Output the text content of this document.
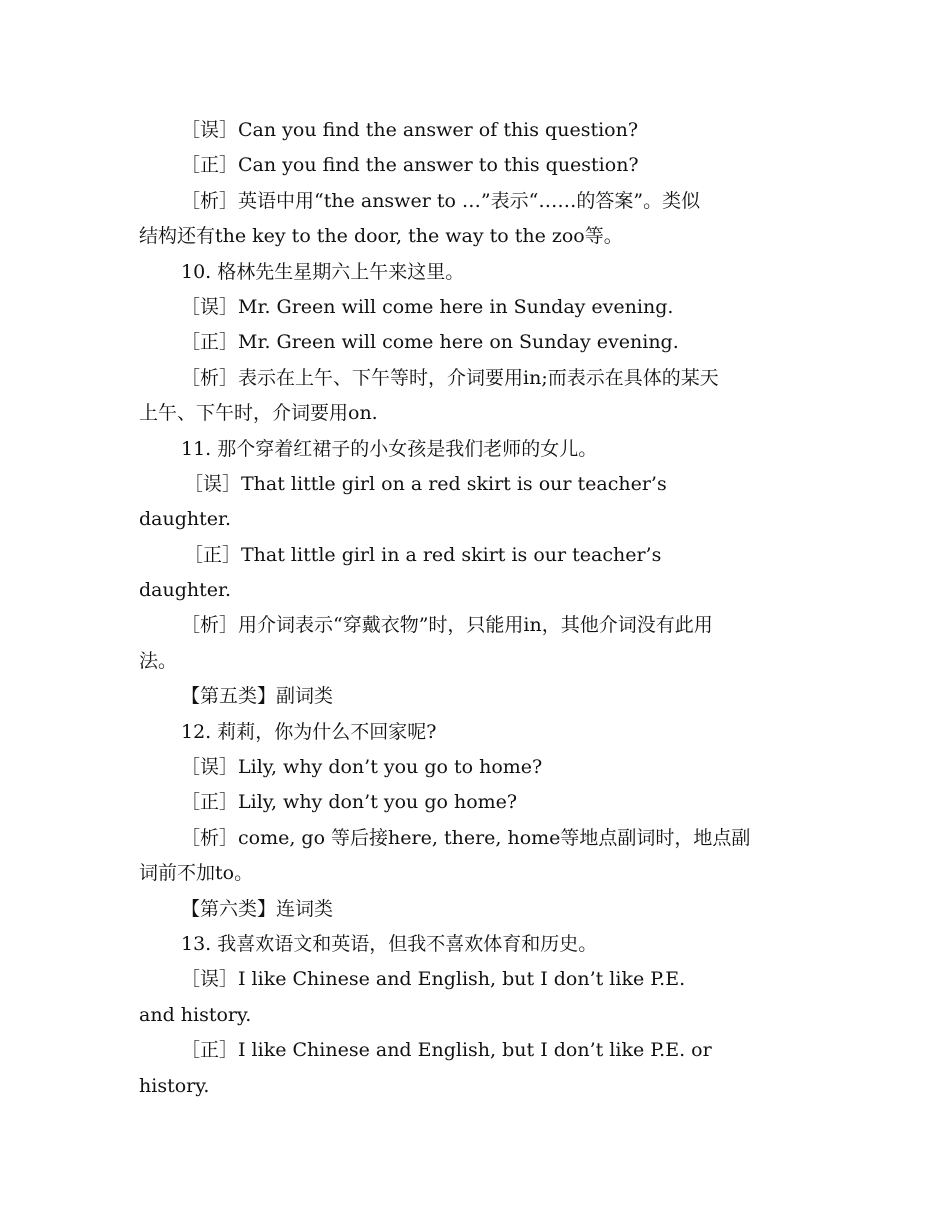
［误］Can you find the answer of this question?
［正］Can you find the answer to this question?
［析］英语中用“the answer to …”表示“……的答案”。类似
结构还有the key to the door, the way to the zoo等。
10. 格林先生星期六上午来这里。
［误］Mr. Green will come here in Sunday evening.
［正］Mr. Green will come here on Sunday evening.
［析］表示在上午、下午等时，介词要用in;而表示在具体的某天
上午、下午时，介词要用on.
11. 那个穿着红裙子的小女孩是我们老师的女儿。
［误］That little girl on a red skirt is our teacher’s
daughter.
［正］That little girl in a red skirt is our teacher’s
daughter.
［析］用介词表示“穿戴衣物”时，只能用in，其他介词没有此用
法。
【第五类】副词类
12. 莉莉，你为什么不回家呢?
［误］Lily, why don’t you go to home?
［正］Lily, why don’t you go home?
［析］come, go 等后接here, there, home等地点副词时，地点副
词前不加to。
【第六类】连词类
13. 我喜欢语文和英语，但我不喜欢体育和历史。
［误］I like Chinese and English, but I don’t like P.E.
and history.
［正］I like Chinese and English, but I don’t like P.E. or
history.
